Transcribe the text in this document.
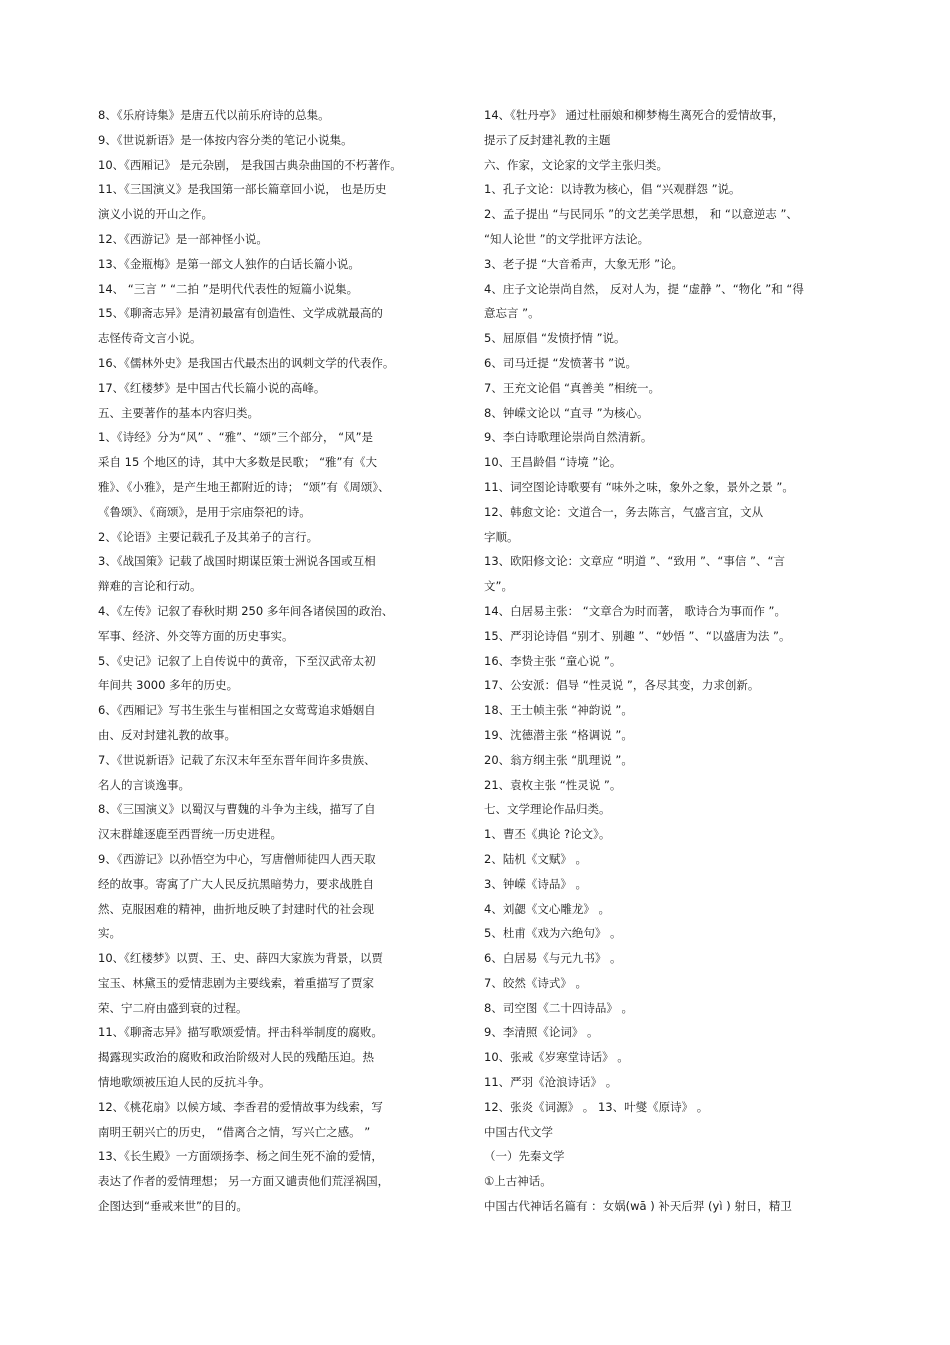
8、《乐府诗集》是唐五代以前乐府诗的总集。
9、《世说新语》是一体按内容分类的笔记小说集。
10、《西厢记》 是元杂剧， 是我国古典杂曲国的不朽著作。
11、《三国演义》是我国第一部长篇章回小说， 也是历史
演义小说的开山之作。
12、《西游记》是一部神怪小说。
13、《金瓶梅》是第一部文人独作的白话长篇小说。
14、 “三言 ” “二拍 ”是明代代表性的短篇小说集。
15、《聊斋志异》是清初最富有创造性、文学成就最高的
志怪传奇文言小说。
16、《儒林外史》是我国古代最杰出的讽刺文学的代表作。
17、《红楼梦》是中国古代长篇小说的高峰。
五、主要著作的基本内容归类。
1、《诗经》分为“风” 、“雅”、“颂”三个部分， “风”是
采自 15 个地区的诗，其中大多数是民歌； “雅”有《大
雅》、《小雅》，是产生地王都附近的诗； “颂”有《周颂》、
《鲁颂》、《商颂》，是用于宗庙祭祀的诗。
2、《论语》主要记载孔子及其弟子的言行。
3、《战国策》记载了战国时期谋臣策士洲说各国或互相
辩难的言论和行动。
4、《左传》记叙了春秋时期 250 多年间各诸侯国的政治、
军事、经济、外交等方面的历史事实。
5、《史记》记叙了上自传说中的黄帝，下至汉武帝太初
年间共 3000 多年的历史。
6、《西厢记》写书生张生与崔相国之女莺莺追求婚姻自
由、反对封建礼教的故事。
7、《世说新语》记载了东汉末年至东晋年间许多贵族、
名人的言谈逸事。
8、《三国演义》以蜀汉与曹魏的斗争为主线，描写了自
汉末群雄逐鹿至西晋统一历史进程。
9、《西游记》以孙悟空为中心，写唐僧师徒四人西天取
经的故事。寄寓了广大人民反抗黑暗势力，要求战胜自
然、克服困难的精神，曲折地反映了封建时代的社会现
实。
10、《红楼梦》以贾、王、史、薛四大家族为背景，以贾
宝玉、林黛玉的爱情悲剧为主要线索，着重描写了贾家
荣、宁二府由盛到衰的过程。
11、《聊斋志异》描写歌颂爱情。抨击科举制度的腐败。
揭露现实政治的腐败和政治阶级对人民的残酷压迫。热
情地歌颂被压迫人民的反抗斗争。
12、《桃花扇》以候方域、李香君的爱情故事为线索，写
南明王朝兴亡的历史， “借离合之情，写兴亡之感。 ”
13、《长生殿》一方面颂扬李、杨之间生死不渝的爱情，
表达了作者的爱情理想； 另一方面又谴责他们荒淫祸国，
企图达到“垂戒来世”的目的。
14、《牡丹亭》 通过杜丽娘和柳梦梅生离死合的爱情故事，
提示了反封建礼教的主题
六、作家，文论家的文学主张归类。
1、孔子文论：以诗教为核心，倡 “兴观群怨 ”说。
2、孟子提出 “与民同乐 ”的文艺美学思想， 和 “以意逆志 ”、
“知人论世 ”的文学批评方法论。
3、老子提 “大音希声，大象无形 ”论。
4、庄子文论崇尚自然， 反对人为，提 “虚静 ”、“物化 ”和 “得
意忘言 ”。
5、屈原倡 “发愤抒情 ”说。
6、司马迁提 “发愤著书 ”说。
7、王充文论倡 “真善美 ”相统一。
8、钟嵘文论以 “直寻 ”为核心。
9、李白诗歌理论崇尚自然清新。
10、王昌龄倡 “诗境 ”论。
11、词空图论诗歌要有 “味外之味，象外之象，景外之景 ”。
12、韩愈文论：文道合一，务去陈言，气盛言宜，文从
字顺。
13、欧阳修文论：文章应 “明道 ”、“致用 ”、“事信 ”、“言
文”。
14、白居易主张： “文章合为时而著， 歌诗合为事而作 ”。
15、严羽论诗倡 “别才、别趣 ”、“妙悟 ”、“以盛唐为法 ”。
16、李贽主张 “童心说 ”。
17、公安派：倡导 “性灵说 ”，各尽其变，力求创新。
18、王士帧主张 “神韵说 ”。
19、沈德潜主张 “格调说 ”。
20、翁方纲主张 “肌理说 ”。
21、袁枚主张 “性灵说 ”。
七、文学理论作品归类。
1、曹丕《典论 ?论文》。
2、陆机《文赋》 。
3、钟嵘《诗品》 。
4、刘勰《文心雕龙》 。
5、杜甫《戏为六绝句》 。
6、白居易《与元九书》 。
7、皎然《诗式》 。
8、司空图《二十四诗品》 。
9、李清照《论词》 。
10、张戒《岁寒堂诗话》 。
11、严羽《沧浪诗话》 。
12、张炎《词源》 。 13、叶燮《原诗》 。
中国古代文学
（一）先秦文学
①上古神话。
中国古代神话名篇有 ：女娲(wā ) 补天后羿 (yì ) 射日，精卫
